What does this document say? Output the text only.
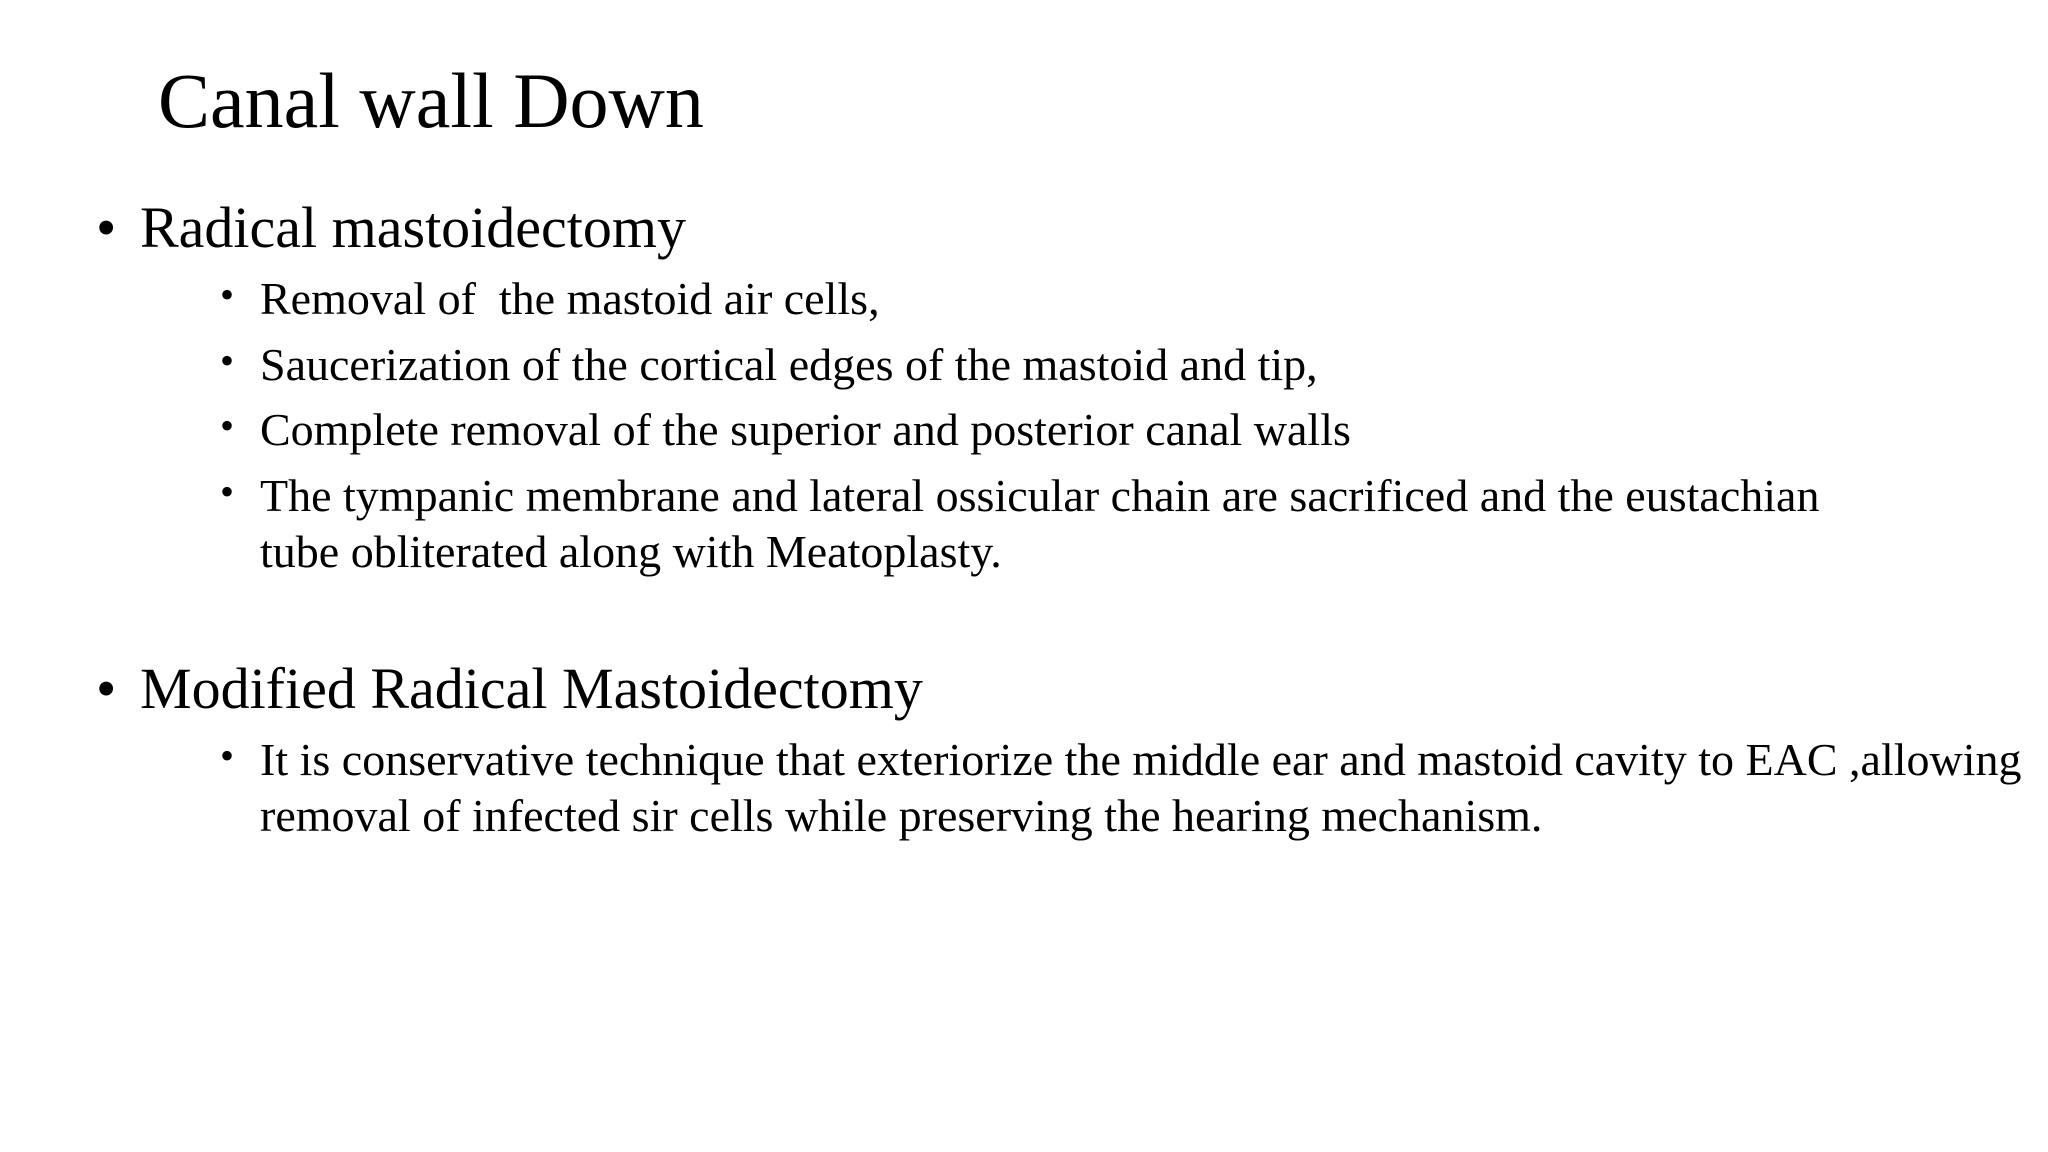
Canal wall Down
• Radical mastoidectomy
• Removal of  the mastoid air cells,
• Saucerization of the cortical edges of the mastoid and tip,
• Complete removal of the superior and posterior canal walls
• The tympanic membrane and lateral ossicular chain are sacrificed and the eustachian tube obliterated along with Meatoplasty.
• Modified Radical Mastoidectomy
• It is conservative technique that exteriorize the middle ear and mastoid cavity to EAC ,allowing removal of infected sir cells while preserving the hearing mechanism.
